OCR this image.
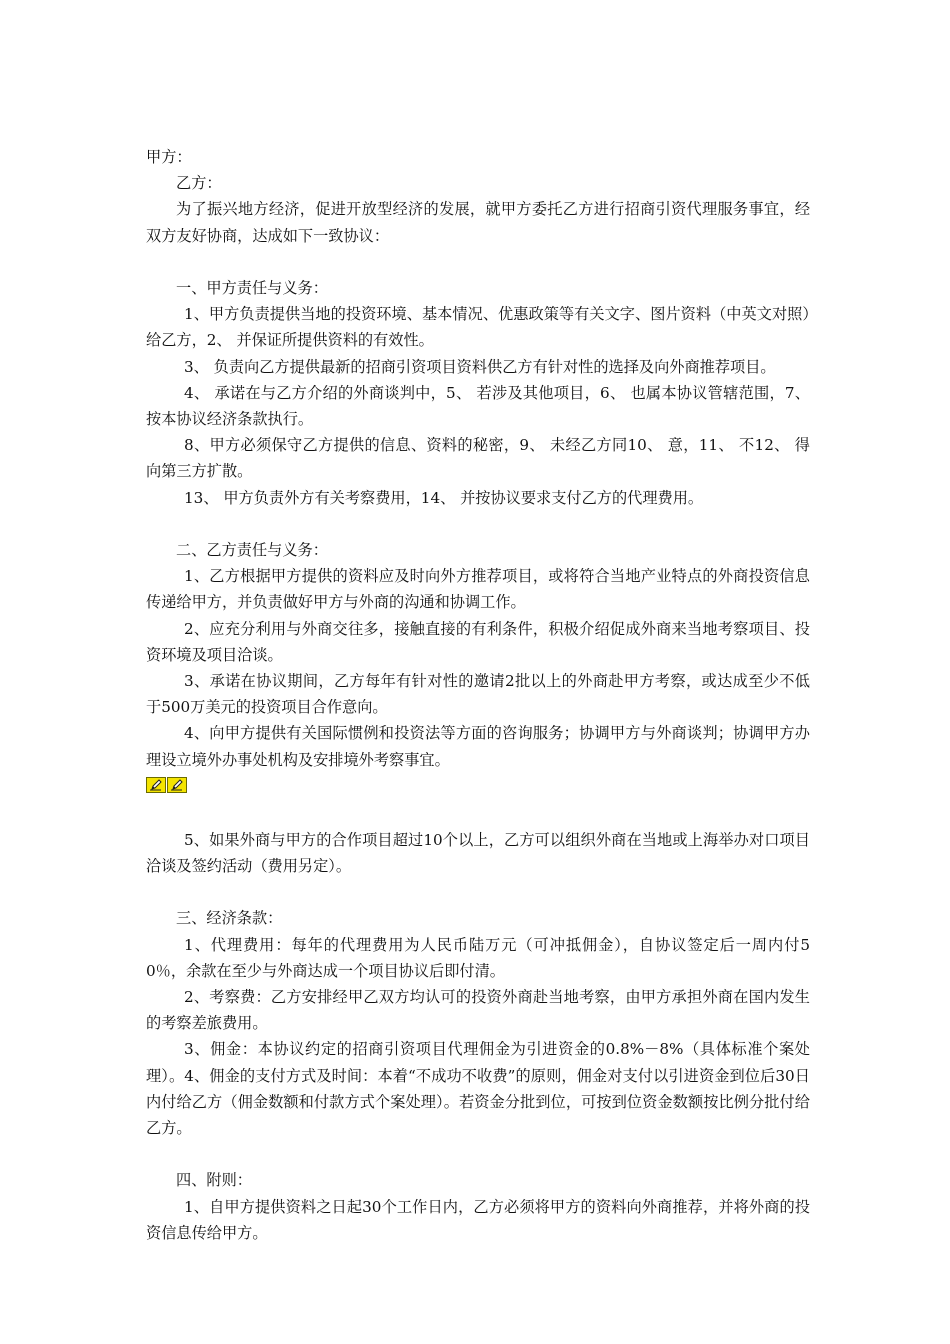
甲方：

乙方：

为了振兴地方经济，促进开放型经济的发展，就甲方委托乙方进行招商引资代理服务事宜，经双方友好协商，达成如下一致协议：

一、甲方责任与义务：

1、甲方负责提供当地的投资环境、基本情况、优惠政策等有关文字、图片资料（中英文对照）给乙方，2、 并保证所提供资料的有效性。

3、 负责向乙方提供最新的招商引资项目资料供乙方有针对性的选择及向外商推荐项目。

4、 承诺在与乙方介绍的外商谈判中，5、 若涉及其他项目，6、 也属本协议管辖范围，7、 按本协议经济条款执行。

8、甲方必须保守乙方提供的信息、资料的秘密，9、 未经乙方同10、 意，11、 不12、 得向第三方扩散。

13、 甲方负责外方有关考察费用，14、 并按协议要求支付乙方的代理费用。

二、乙方责任与义务：

1、乙方根据甲方提供的资料应及时向外方推荐项目，或将符合当地产业特点的外商投资信息传递给甲方，并负责做好甲方与外商的沟通和协调工作。

2、应充分利用与外商交往多，接触直接的有利条件，积极介绍促成外商来当地考察项目、投资环境及项目洽谈。

3、承诺在协议期间，乙方每年有针对性的邀请2批以上的外商赴甲方考察，或达成至少不低于500万美元的投资项目合作意向。

4、向甲方提供有关国际惯例和投资法等方面的咨询服务；协调甲方与外商谈判；协调甲方办理设立境外办事处机构及安排境外考察事宜。

5、如果外商与甲方的合作项目超过10个以上，乙方可以组织外商在当地或上海举办对口项目洽谈及签约活动（费用另定）。

三、经济条款：

1、代理费用：每年的代理费用为人民币陆万元（可冲抵佣金），自协议签定后一周内付50％，余款在至少与外商达成一个项目协议后即付清。

2、考察费：乙方安排经甲乙双方均认可的投资外商赴当地考察，由甲方承担外商在国内发生的考察差旅费用。

3、佣金：本协议约定的招商引资项目代理佣金为引进资金的0.8%－8%（具体标准个案处理）。4、佣金的支付方式及时间：本着“不成功不收费”的原则，佣金对支付以引进资金到位后30日内付给乙方（佣金数额和付款方式个案处理）。若资金分批到位，可按到位资金数额按比例分批付给乙方。

四、附则：

1、自甲方提供资料之日起30个工作日内，乙方必须将甲方的资料向外商推荐，并将外商的投资信息传给甲方。
